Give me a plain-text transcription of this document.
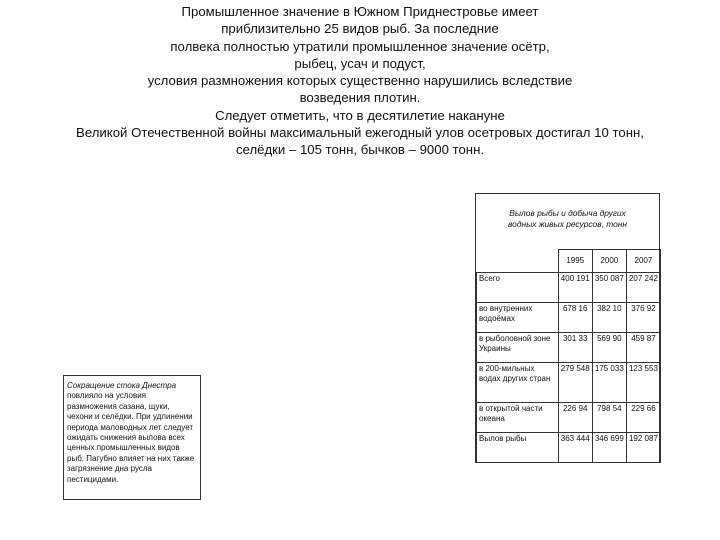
Промышленное значение в Южном Приднестровье имеет
приблизительно 25 видов рыб. За последние
полвека полностью утратили промышленное значение осётр,
рыбец, усач и подуст,
условия размножения которых существенно нарушились вследствие
возведения плотин.
Следует отметить, что в десятилетие накануне
Великой Отечественной войны максимальный ежегодный улов осетровых достигал 10 тонн,
селёдки – 105 тонн, бычков – 9000 тонн.
Вылов рыбы и добыча других
водных живых ресурсов, тонн
	1995	2000	2007
Всего	400 191	350 087	207 242
во внутренних водоёмах	678 16	382 10	376 92
в рыболовной зоне Украины	301 33	569 90	459 87
в 200-мильных водах других стран	279 548	175 033	123 553
в открытой части океана	226 94	798 54	229 66
Вылов рыбы	363 444	346 699	192 087
Сокращение стока Днестра повлияло на условия размножения сазана, щуки, чехони и селёдки. При удлинении периода маловодных лет следует ожидать снижения вылова всех ценных промышленных видов рыб. Пагубно влияет на них также загрязнение дна русла пестицидами.
